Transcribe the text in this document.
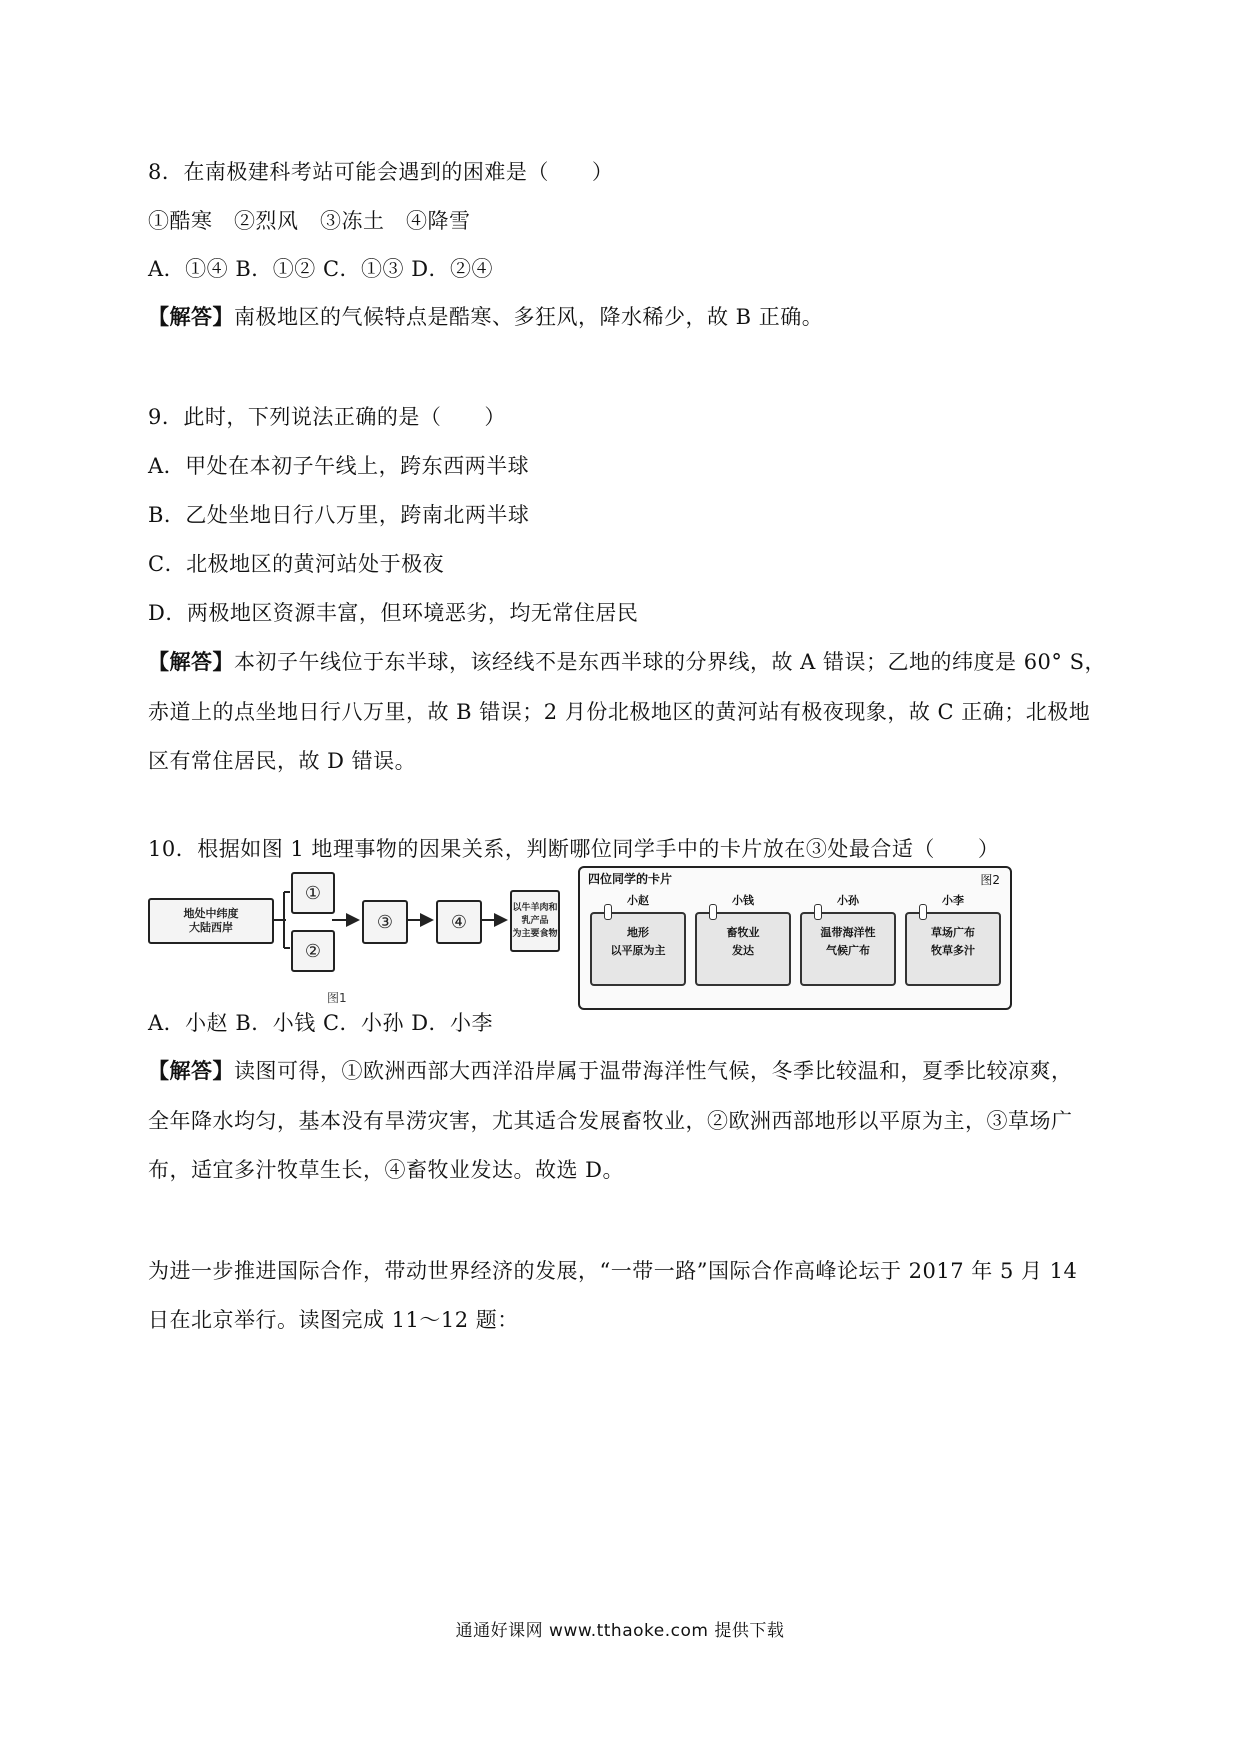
8．在南极建科考站可能会遇到的困难是（　　）
①酷寒　②烈风　③冻土　④降雪
A．①④ B．①② C．①③ D．②④
【解答】南极地区的气候特点是酷寒、多狂风，降水稀少，故 B 正确。
9．此时，下列说法正确的是（　　）
A．甲处在本初子午线上，跨东西两半球
B．乙处坐地日行八万里，跨南北两半球
C．北极地区的黄河站处于极夜
D．两极地区资源丰富，但环境恶劣，均无常住居民
【解答】本初子午线位于东半球，该经线不是东西半球的分界线，故 A 错误；乙地的纬度是 60° S，
赤道上的点坐地日行八万里，故 B 错误；2 月份北极地区的黄河站有极夜现象，故 C 正确；北极地
区有常住居民，故 D 错误。
10．根据如图 1 地理事物的因果关系，判断哪位同学手中的卡片放在③处最合适（　　）
地处中纬度
大陆西岸
①
②
③	④
以牛羊肉和乳产品
为主要食物
图1
四位同学的卡片	图2
小赵
地形
以平原为主
小钱
畜牧业
发达
小孙
温带海洋性
气候广布
小李
草场广布
牧草多汁
A．小赵 B．小钱 C．小孙 D．小李
【解答】读图可得，①欧洲西部大西洋沿岸属于温带海洋性气候，冬季比较温和，夏季比较凉爽，
全年降水均匀，基本没有旱涝灾害，尤其适合发展畜牧业，②欧洲西部地形以平原为主，③草场广
布，适宜多汁牧草生长，④畜牧业发达。故选 D。
为进一步推进国际合作，带动世界经济的发展，“一带一路”国际合作高峰论坛于 2017 年 5 月 14
日在北京举行。读图完成 11～12 题：
通通好课网 www.tthaoke.com 提供下载
